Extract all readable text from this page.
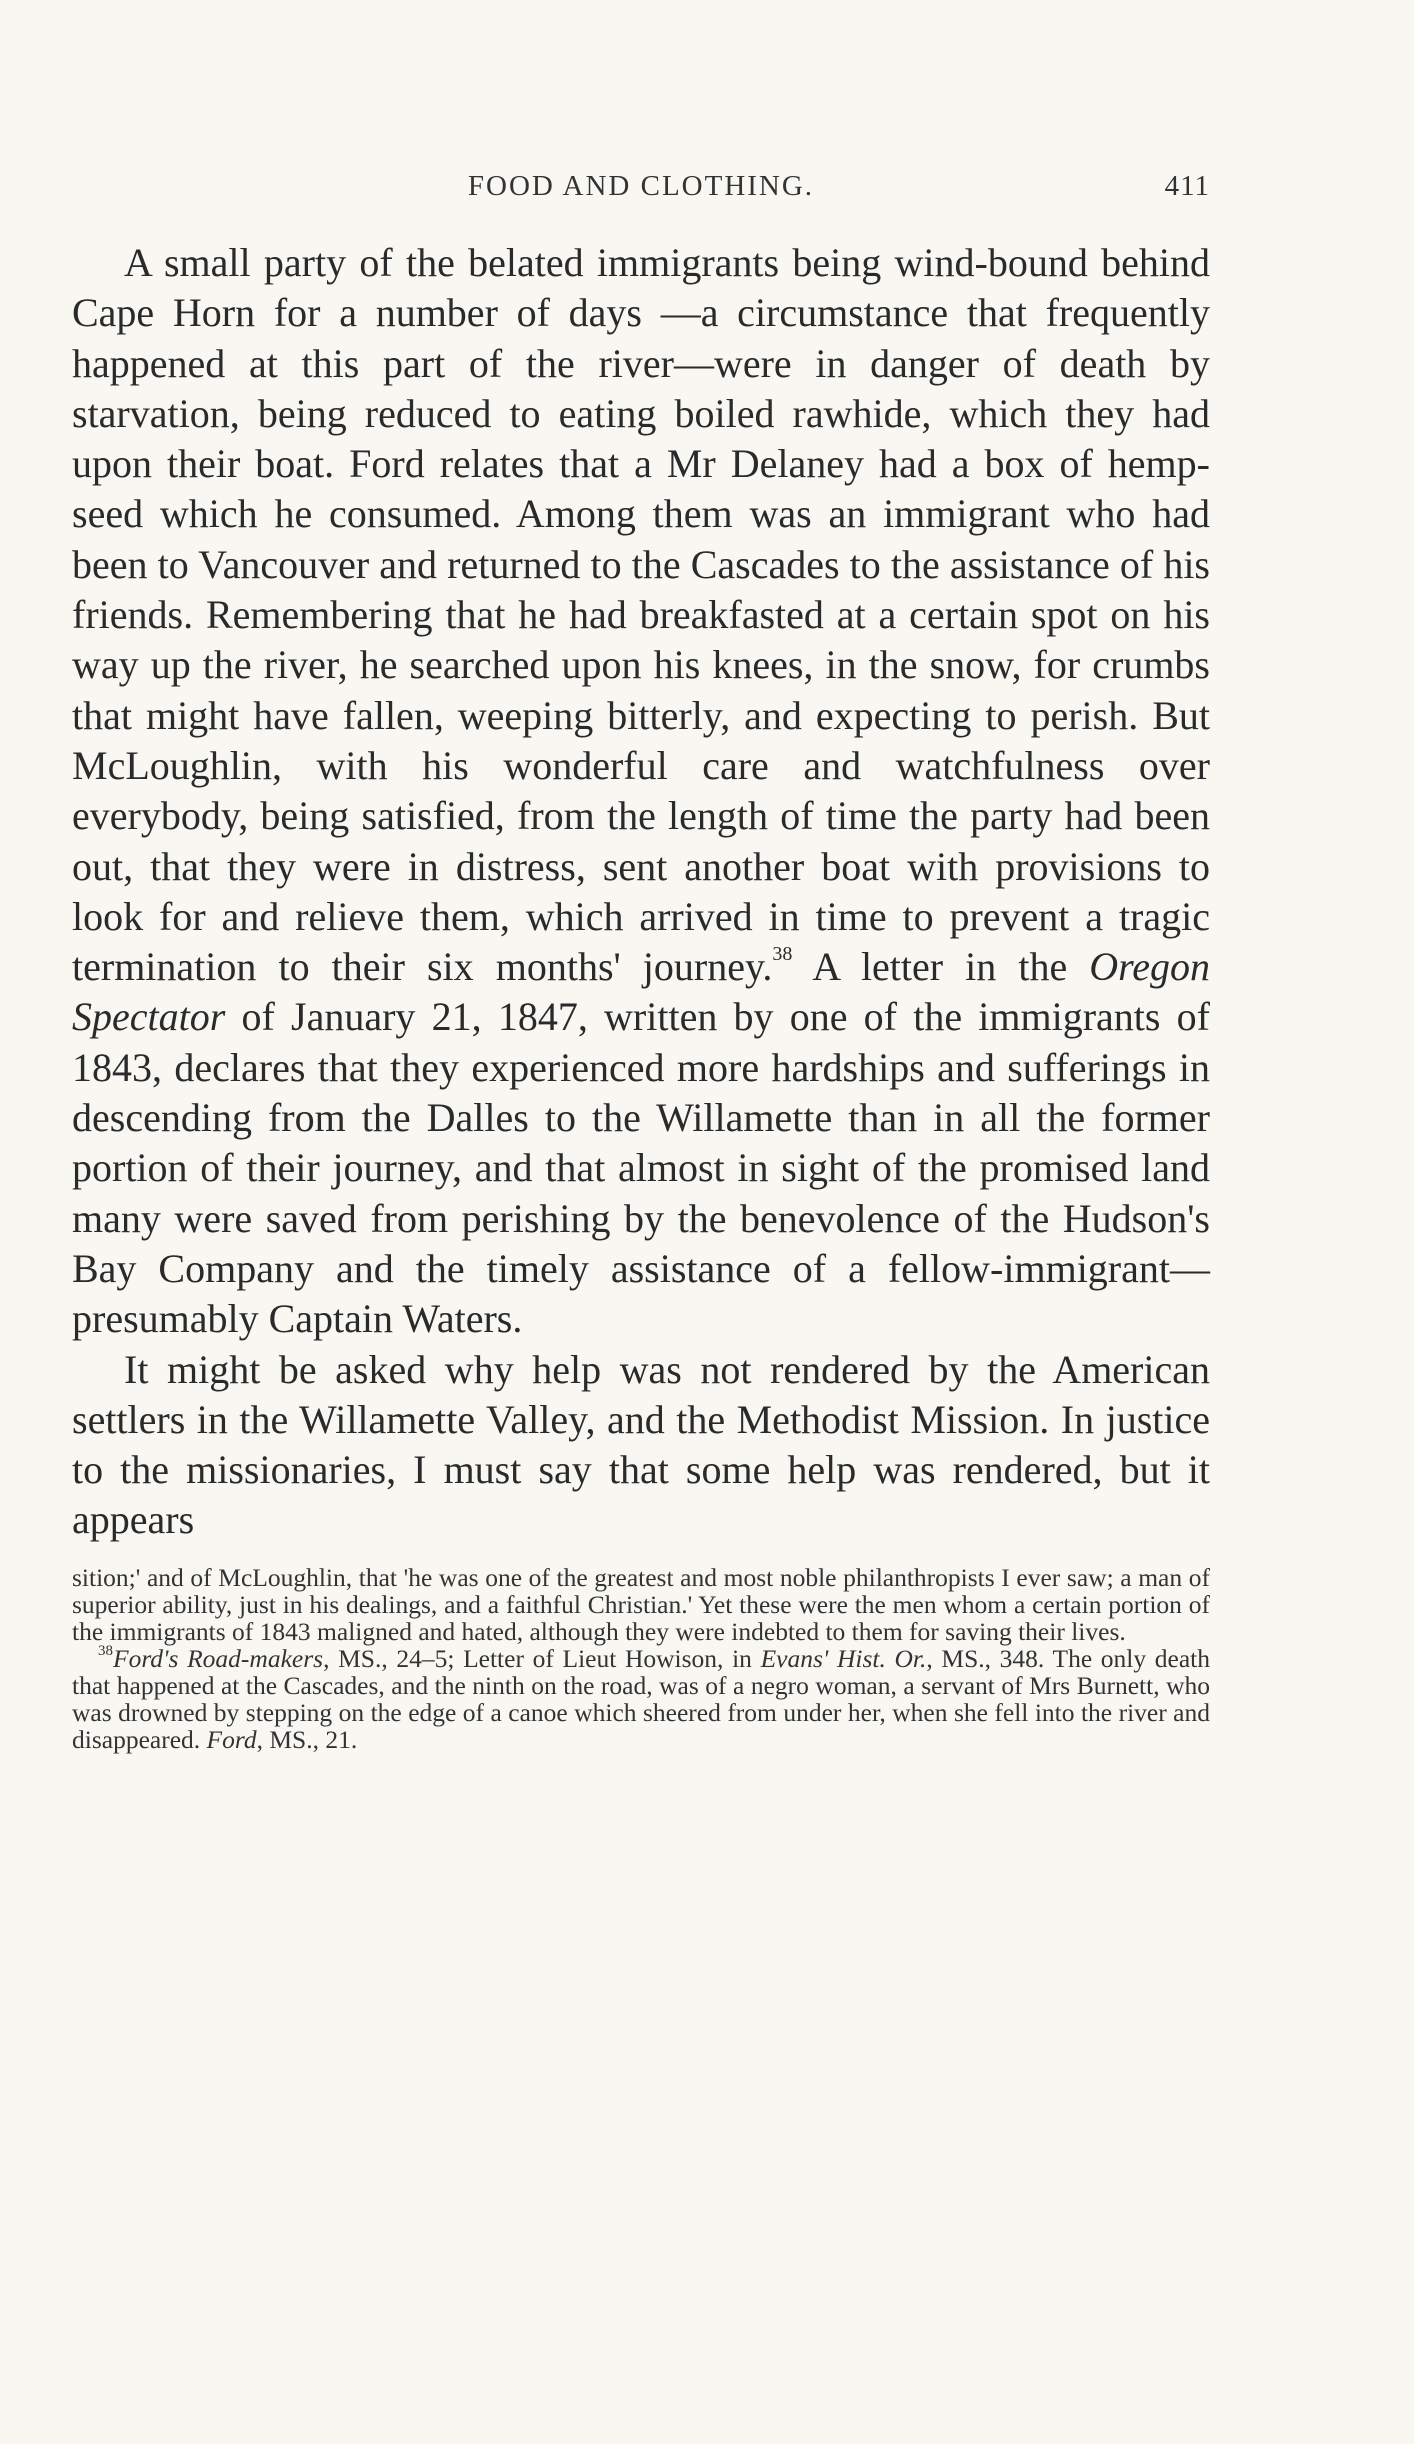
FOOD AND CLOTHING.	411

A small party of the belated immigrants being wind-bound behind Cape Horn for a number of days —a circumstance that frequently happened at this part of the river—were in danger of death by starvation, being reduced to eating boiled rawhide, which they had upon their boat. Ford relates that a Mr Delaney had a box of hemp-seed which he consumed. Among them was an immigrant who had been to Vancouver and returned to the Cascades to the assistance of his friends. Remembering that he had breakfasted at a certain spot on his way up the river, he searched upon his knees, in the snow, for crumbs that might have fallen, weeping bitterly, and expecting to perish. But McLoughlin, with his wonderful care and watchfulness over everybody, being satisfied, from the length of time the party had been out, that they were in distress, sent another boat with provisions to look for and relieve them, which arrived in time to prevent a tragic termination to their six months' journey.$^{38}$ A letter in the Oregon Spectator of January 21, 1847, written by one of the immigrants of 1843, declares that they experienced more hardships and sufferings in descending from the Dalles to the Willamette than in all the former portion of their journey, and that almost in sight of the promised land many were saved from perishing by the benevolence of the Hudson's Bay Company and the timely assistance of a fellow-immigrant—presumably Captain Waters.

It might be asked why help was not rendered by the American settlers in the Willamette Valley, and the Methodist Mission. In justice to the missionaries, I must say that some help was rendered, but it appears

sition;' and of McLoughlin, that 'he was one of the greatest and most noble philanthropists I ever saw; a man of superior ability, just in his dealings, and a faithful Christian.' Yet these were the men whom a certain portion of the immigrants of 1843 maligned and hated, although they were indebted to them for saving their lives.

$^{38}$Ford's Road-makers, MS., 24–5; Letter of Lieut Howison, in Evans' Hist. Or., MS., 348. The only death that happened at the Cascades, and the ninth on the road, was of a negro woman, a servant of Mrs Burnett, who was drowned by stepping on the edge of a canoe which sheered from under her, when she fell into the river and disappeared. Ford, MS., 21.
